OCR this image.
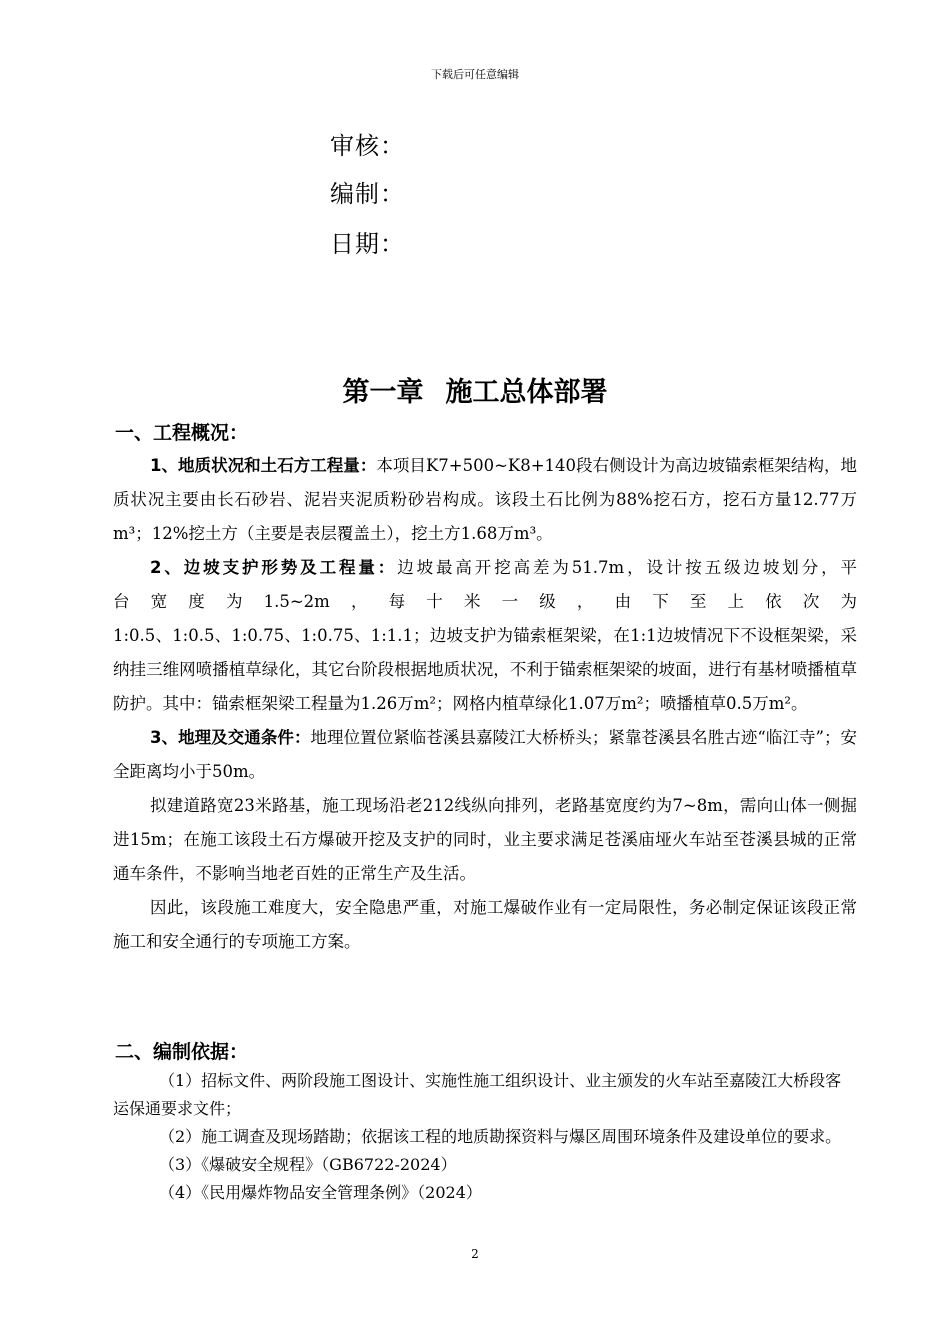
下载后可任意编辑
审核：
编制：
日期：
第一章 施工总体部署
一、工程概况：

1、地质状况和土石方工程量：本项目K7+500~K8+140段右侧设计为高边坡锚索框架结构，地质状况主要由长石砂岩、泥岩夹泥质粉砂岩构成。该段土石比例为88%挖石方，挖石方量12.77万m³；12%挖土方（主要是表层覆盖土），挖土方1.68万m³。

2、边坡支护形势及工程量：边坡最高开挖高差为51.7m，设计按五级边坡划分，平

台宽度为1.5~2m，每十米一级，由下至上依次为

1:0.5、1:0.5、1:0.75、1:0.75、1:1.1；边坡支护为锚索框架梁，在1:1边坡情况下不设框架梁，采纳挂三维网喷播植草绿化，其它台阶段根据地质状况，不利于锚索框架梁的坡面，进行有基材喷播植草防护。其中：锚索框架梁工程量为1.26万m²；网格内植草绿化1.07万m²；喷播植草0.5万m²。

3、地理及交通条件：地理位置位紧临苍溪县嘉陵江大桥桥头；紧靠苍溪县名胜古迹“临江寺”；安全距离均小于50m。

拟建道路宽23米路基，施工现场沿老212线纵向排列，老路基宽度约为7~8m，需向山体一侧掘进15m；在施工该段土石方爆破开挖及支护的同时，业主要求满足苍溪庙垭火车站至苍溪县城的正常通车条件，不影响当地老百姓的正常生产及生活。

因此，该段施工难度大，安全隐患严重，对施工爆破作业有一定局限性，务必制定保证该段正常施工和安全通行的专项施工方案。

二、编制依据：

（1）招标文件、两阶段施工图设计、实施性施工组织设计、业主颁发的火车站至嘉陵江大桥段客运保通要求文件；

（2）施工调查及现场踏勘；依据该工程的地质勘探资料与爆区周围环境条件及建设单位的要求。

（3）《爆破安全规程》（GB6722-2024）

（4）《民用爆炸物品安全管理条例》（2024）

2
